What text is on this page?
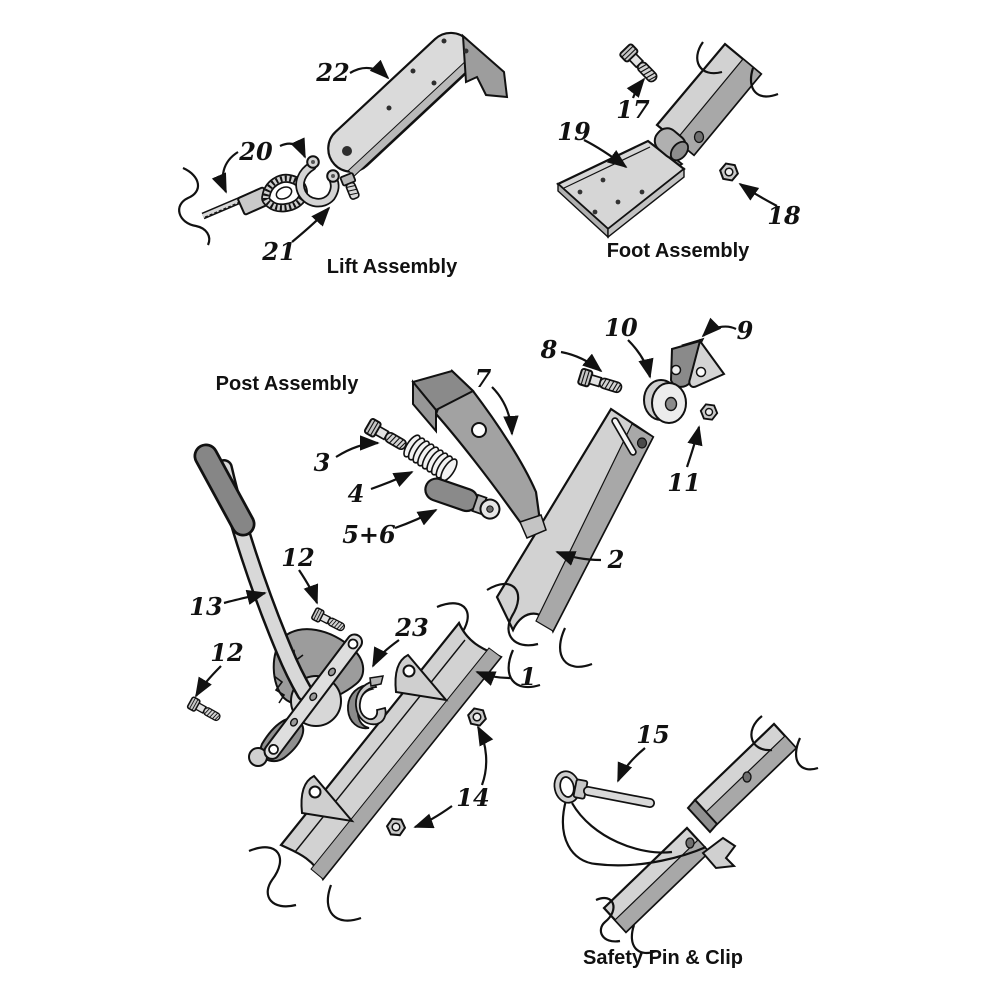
22
20
21
17
19
18
3
4
5+6
7
8
10	9
11
2
12
13
12
23
1
14
15
Lift Assembly
Foot Assembly
Post Assembly
Safety Pin & Clip
